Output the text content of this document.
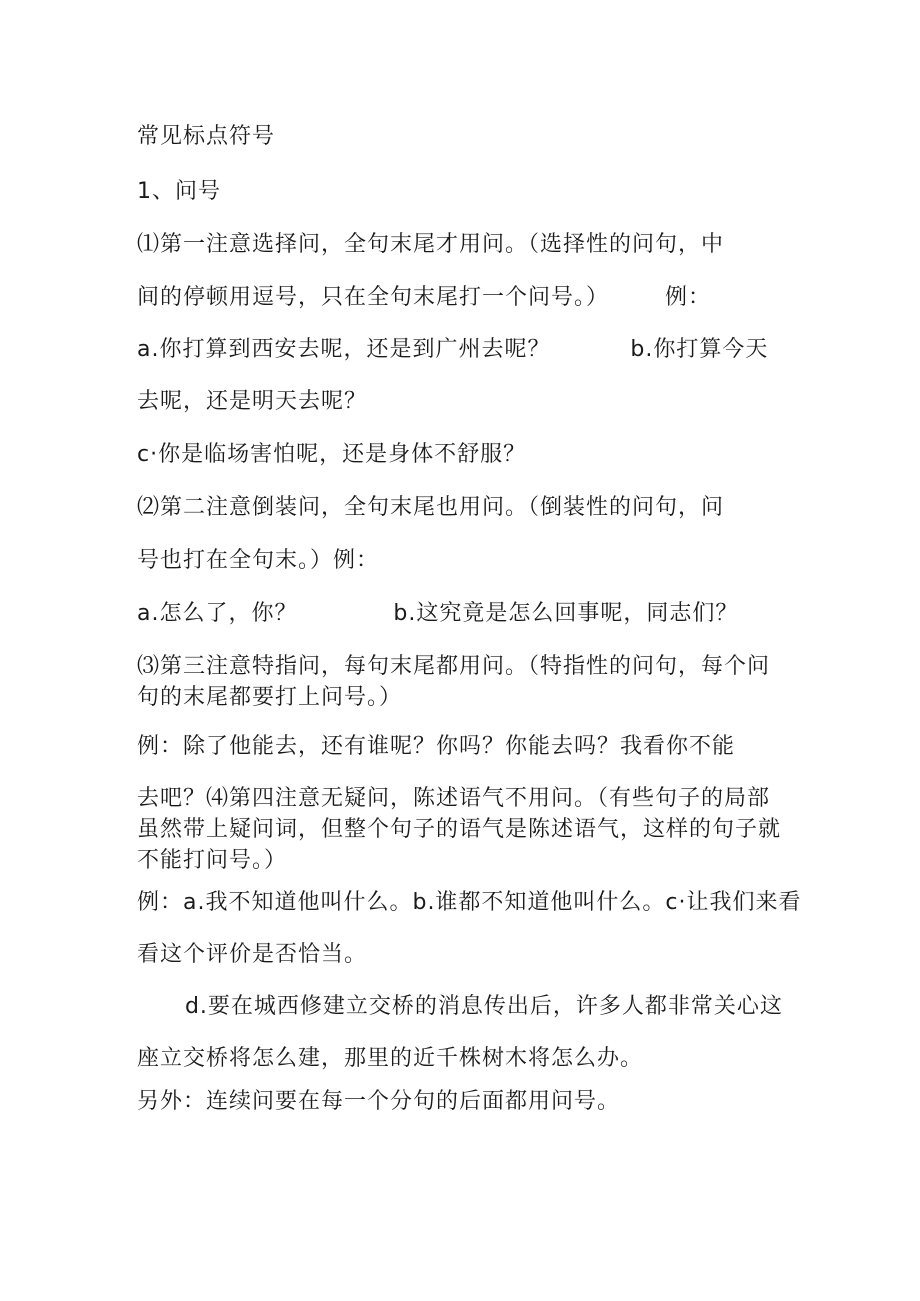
常见标点符号
1、问号
⑴第一注意选择问，全句末尾才用问。（选择性的问句，中
间的停顿用逗号，只在全句末尾打一个问号。）       例：
a.你打算到西安去呢，还是到广州去呢？          b.你打算今天
去呢，还是明天去呢？
c·你是临场害怕呢，还是身体不舒服？
⑵第二注意倒装问，全句末尾也用问。（倒装性的问句，问
号也打在全句末。）例：
a.怎么了，你？            b.这究竟是怎么回事呢，同志们？
⑶第三注意特指问，每句末尾都用问。（特指性的问句，每个问
句的末尾都要打上问号。）
例：除了他能去，还有谁呢？你吗？你能去吗？我看你不能
去吧？⑷第四注意无疑问，陈述语气不用问。（有些句子的局部
虽然带上疑问词，但整个句子的语气是陈述语气，这样的句子就
不能打问号。）
例：a.我不知道他叫什么。b.谁都不知道他叫什么。c·让我们来看
看这个评价是否恰当。
d.要在城西修建立交桥的消息传出后，许多人都非常关心这
座立交桥将怎么建，那里的近千株树木将怎么办。
另外：连续问要在每一个分句的后面都用问号。
